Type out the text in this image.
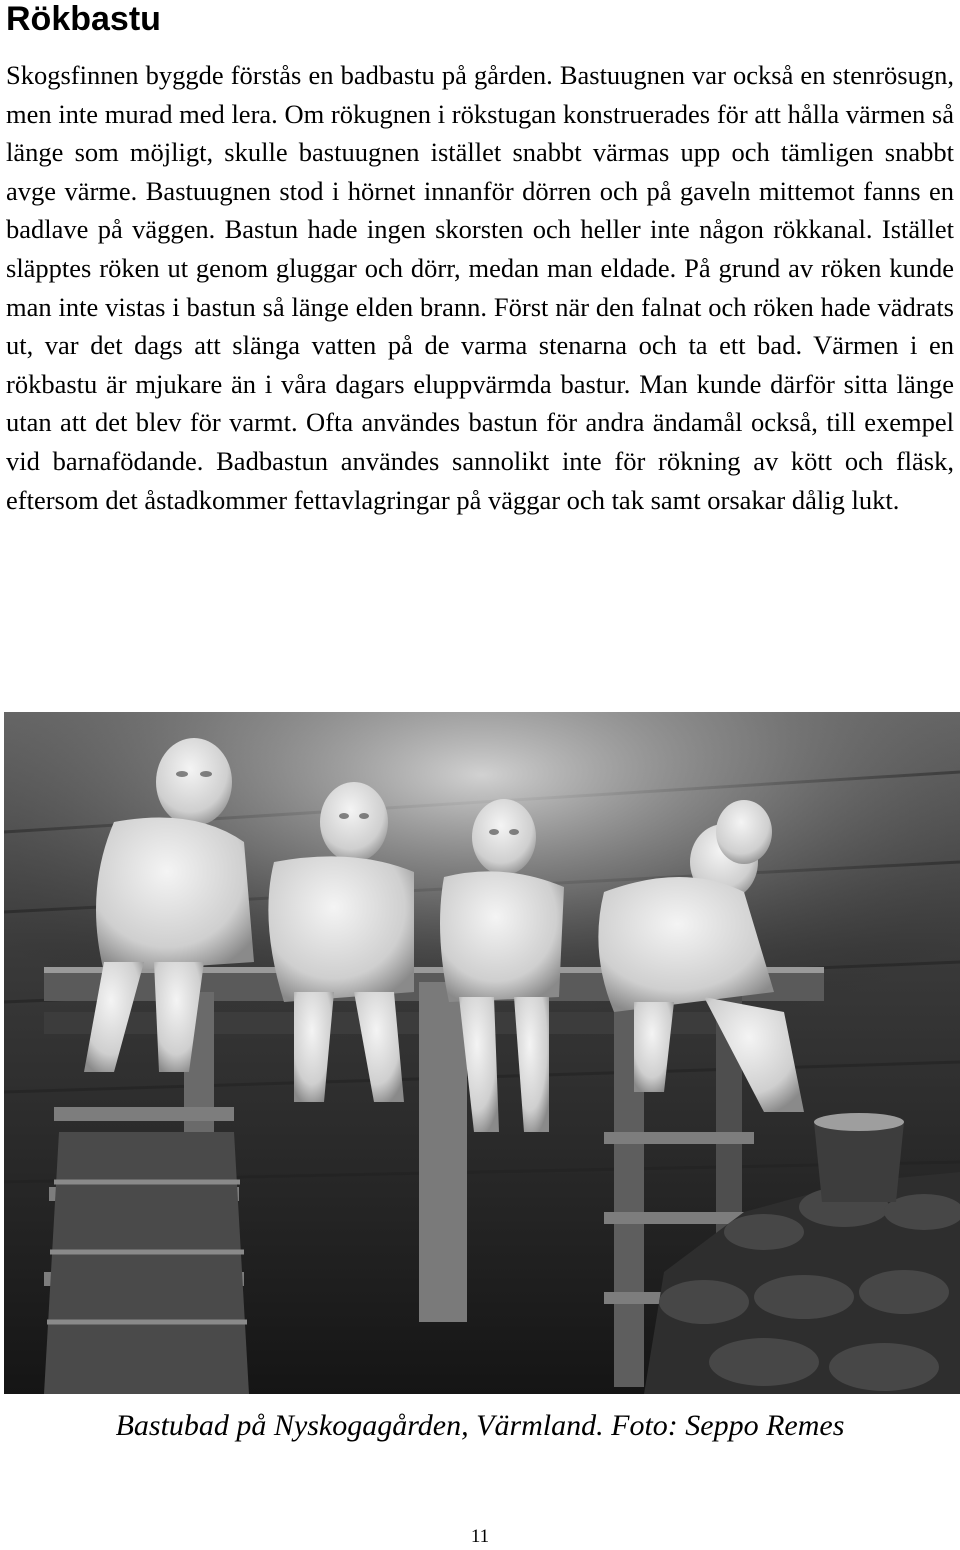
Rökbastu

Skogsfinnen byggde förstås en badbastu på gården. Bastuugnen var också en stenrösugn, men inte murad med lera. Om rökugnen i rökstugan konstruerades för att hålla värmen så länge som möjligt, skulle bastuugnen istället snabbt värmas upp och tämligen snabbt avge värme. Bastuugnen stod i hörnet innanför dörren och på gaveln mittemot fanns en badlave på väggen. Bastun hade ingen skorsten och heller inte någon rökkanal. Istället släpptes röken ut genom gluggar och dörr, medan man eldade. På grund av röken kunde man inte vistas i bastun så länge elden brann. Först när den falnat och röken hade vädrats ut, var det dags att slänga vatten på de varma stenarna och ta ett bad. Värmen i en rökbastu är mjukare än i våra dagars eluppvärmda bastur. Man kunde därför sitta länge utan att det blev för varmt. Ofta användes bastun för andra ändamål också, till exempel vid barnafödande. Badbastun användes sannolikt inte för rökning av kött och fläsk, eftersom det åstadkommer fettavlagringar på väggar och tak samt orsakar dålig lukt.

Bastubad på Nyskogagården, Värmland. Foto: Seppo Remes

11
